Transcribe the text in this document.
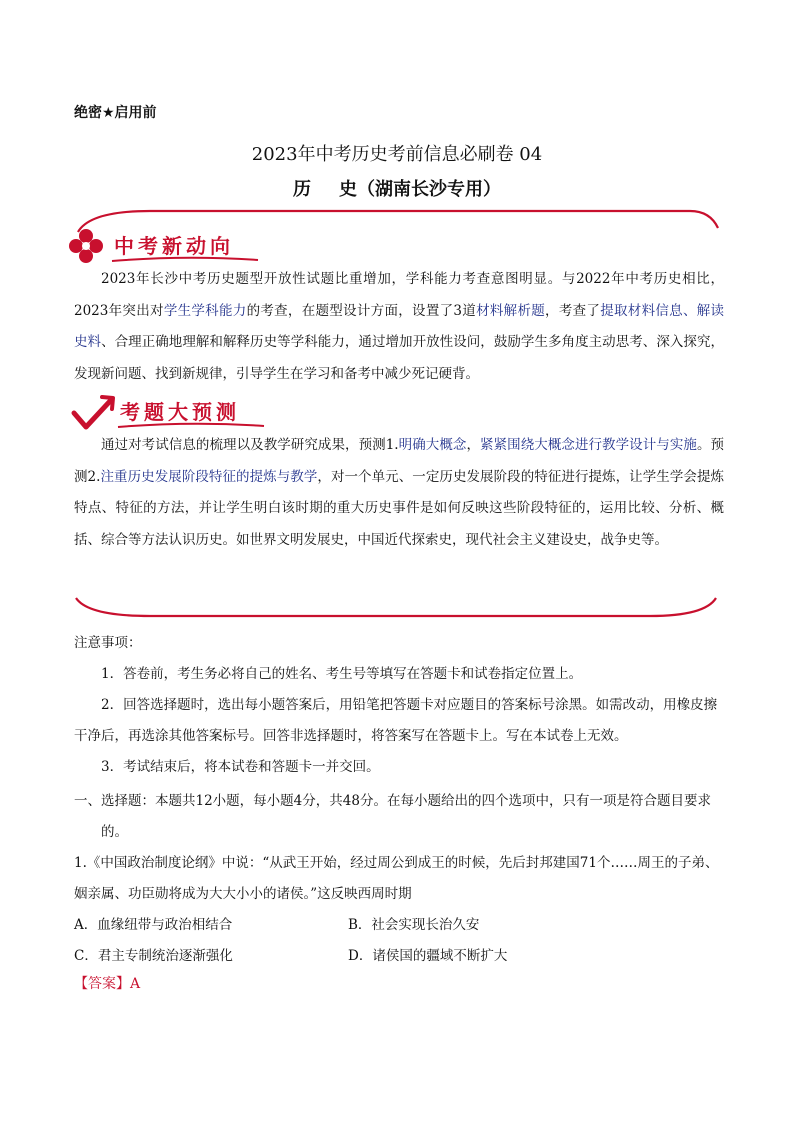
绝密★启用前
2023年中考历史考前信息必刷卷 04
历 史（湖南长沙专用）
中考新动向
2023年长沙中考历史题型开放性试题比重增加，学科能力考查意图明显。与2022年中考历史相比，2023年突出对学生学科能力的考查，在题型设计方面，设置了3道材料解析题，考查了提取材料信息、解读史料、合理正确地理解和解释历史等学科能力，通过增加开放性设问，鼓励学生多角度主动思考、深入探究，发现新问题、找到新规律，引导学生在学习和备考中减少死记硬背。
考题大预测
通过对考试信息的梳理以及教学研究成果，预测1.明确大概念，紧紧围绕大概念进行教学设计与实施。预测2.注重历史发展阶段特征的提炼与教学，对一个单元、一定历史发展阶段的特征进行提炼，让学生学会提炼特点、特征的方法，并让学生明白该时期的重大历史事件是如何反映这些阶段特征的，运用比较、分析、概括、综合等方法认识历史。如世界文明发展史，中国近代探索史，现代社会主义建设史，战争史等。
注意事项：
1．答卷前，考生务必将自己的姓名、考生号等填写在答题卡和试卷指定位置上。
2．回答选择题时，选出每小题答案后，用铅笔把答题卡对应题目的答案标号涂黑。如需改动，用橡皮擦干净后，再选涂其他答案标号。回答非选择题时，将答案写在答题卡上。写在本试卷上无效。
3．考试结束后，将本试卷和答题卡一并交回。
一、选择题：本题共12小题，每小题4分，共48分。在每小题给出的四个选项中，只有一项是符合题目要求的。
1.《中国政治制度论纲》中说：“从武王开始，经过周公到成王的时候，先后封邦建国71个……周王的子弟、姻亲属、功臣勋将成为大大小小的诸侯。”这反映西周时期
A．血缘纽带与政治相结合	B．社会实现长治久安
C．君主专制统治逐渐强化	D．诸侯国的疆域不断扩大
【答案】A
